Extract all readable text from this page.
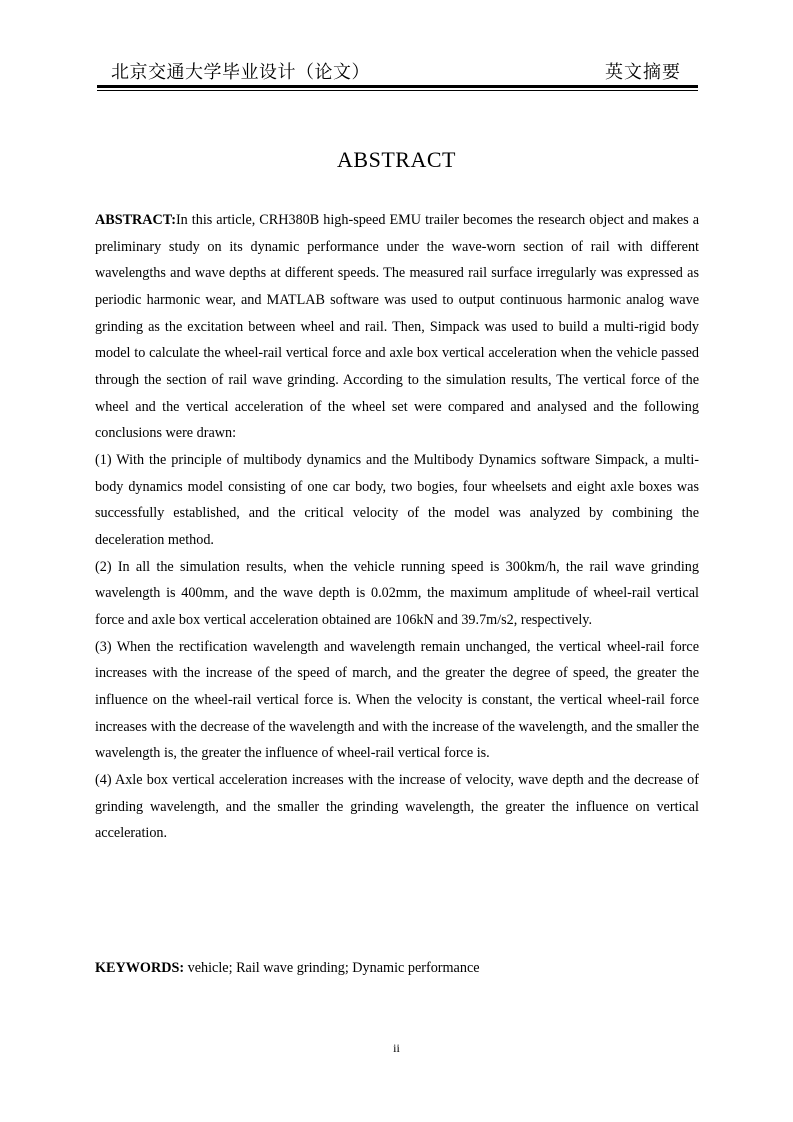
北京交通大学毕业设计（论文）	英文摘要
ABSTRACT

ABSTRACT:In this article, CRH380B high-speed EMU trailer becomes the research object and makes a preliminary study on its dynamic performance under the wave-worn section of rail with different wavelengths and wave depths at different speeds. The measured rail surface irregularly was expressed as periodic harmonic wear, and MATLAB software was used to output continuous harmonic analog wave grinding as the excitation between wheel and rail. Then, Simpack was used to build a multi-rigid body model to calculate the wheel-rail vertical force and axle box vertical acceleration when the vehicle passed through the section of rail wave grinding. According to the simulation results, The vertical force of the wheel and the vertical acceleration of the wheel set were compared and analysed and the following conclusions were drawn:

(1) With the principle of multibody dynamics and the Multibody Dynamics software Simpack, a multi-body dynamics model consisting of one car body, two bogies, four wheelsets and eight axle boxes was successfully established, and the critical velocity of the model was analyzed by combining the deceleration method.

(2) In all the simulation results, when the vehicle running speed is 300km/h, the rail wave grinding wavelength is 400mm, and the wave depth is 0.02mm, the maximum amplitude of wheel-rail vertical force and axle box vertical acceleration obtained are 106kN and 39.7m/s2, respectively.

(3) When the rectification wavelength and wavelength remain unchanged, the vertical wheel-rail force increases with the increase of the speed of march, and the greater the degree of speed, the greater the influence on the wheel-rail vertical force is. When the velocity is constant, the vertical wheel-rail force increases with the decrease of the wavelength and with the increase of the wavelength, and the smaller the wavelength is, the greater the influence of wheel-rail vertical force is.

(4) Axle box vertical acceleration increases with the increase of velocity, wave depth and the decrease of grinding wavelength, and the smaller the grinding wavelength, the greater the influence on vertical acceleration.

KEYWORDS: vehicle; Rail wave grinding; Dynamic performance
ii
